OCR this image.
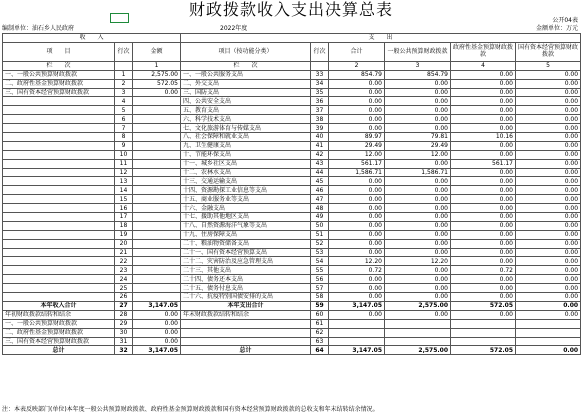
财政拨款收入支出决算总表
公开04表
编制单位：油石乡人民政府	2022年度	金额单位：万元
收　　入			支　　出					
项　　目	行次	金额	项目（按功能分类）	行次	合计	一般公共预算财政拨款	政府性基金预算财政拨款	国有资本经营预算财政拨款
栏　　次		1	栏　　次		2	3	4	5
一、一般公共预算财政拨款	1	2,575.00	一、一般公共服务支出	33	854.79	854.79	0.00	0.00
二、政府性基金预算财政拨款	2	572.05	二、外交支出	34	0.00	0.00	0.00	0.00
三、国有资本经营预算财政拨款	3	0.00	三、国防支出	35	0.00	0.00	0.00	0.00
	4		四、公共安全支出	36	0.00	0.00	0.00	0.00
	5		五、教育支出	37	0.00	0.00	0.00	0.00
	6		六、科学技术支出	38	0.00	0.00	0.00	0.00
	7		七、文化旅游体育与传媒支出	39	0.00	0.00	0.00	0.00
	8		八、社会保障和就业支出	40	89.97	79.81	10.16	0.00
	9		九、卫生健康支出	41	29.49	29.49	0.00	0.00
	10		十、节能环保支出	42	12.00	12.00	0.00	0.00
	11		十一、城乡社区支出	43	561.17	0.00	561.17	0.00
	12		十二、农林水支出	44	1,586.71	1,586.71	0.00	0.00
	13		十三、交通运输支出	45	0.00	0.00	0.00	0.00
	14		十四、资源勘探工业信息等支出	46	0.00	0.00	0.00	0.00
	15		十五、商业服务业等支出	47	0.00	0.00	0.00	0.00
	16		十六、金融支出	48	0.00	0.00	0.00	0.00
	17		十七、援助其他地区支出	49	0.00	0.00	0.00	0.00
	18		十八、自然资源海洋气象等支出	50	0.00	0.00	0.00	0.00
	19		十九、住房保障支出	51	0.00	0.00	0.00	0.00
	20		二十、粮油物资储备支出	52	0.00	0.00	0.00	0.00
	21		二十一、国有资本经营预算支出	53	0.00	0.00	0.00	0.00
	22		二十二、灾害防治及应急管理支出	54	12.20	12.20	0.00	0.00
	23		二十三、其他支出	55	0.72	0.00	0.72	0.00
	24		二十四、债务还本支出	56	0.00	0.00	0.00	0.00
	25		二十五、债务付息支出	57	0.00	0.00	0.00	0.00
	26		二十六、抗疫特别国债安排的支出	58	0.00	0.00	0.00	0.00
本年收入合计	27	3,147.05	本年支出合计	59	3,147.05	2,575.00	572.05	0.00
年初财政拨款结转和结余	28	0.00	年末财政拨款结转和结余	60	0.00	0.00	0.00	0.00
一、一般公共预算财政拨款	29	0.00		61				
二、政府性基金预算财政拨款	30	0.00		62				
三、国有资本经营预算财政拨款	31	0.00		63				
总计	32	3,147.05	总计	64	3,147.05	2,575.00	572.05	0.00
注：本表反映部门(单位)本年度一般公共预算财政拨款、政府性基金预算财政拨款和国有资本经营预算财政拨款的总收支和年末结转结余情况。
